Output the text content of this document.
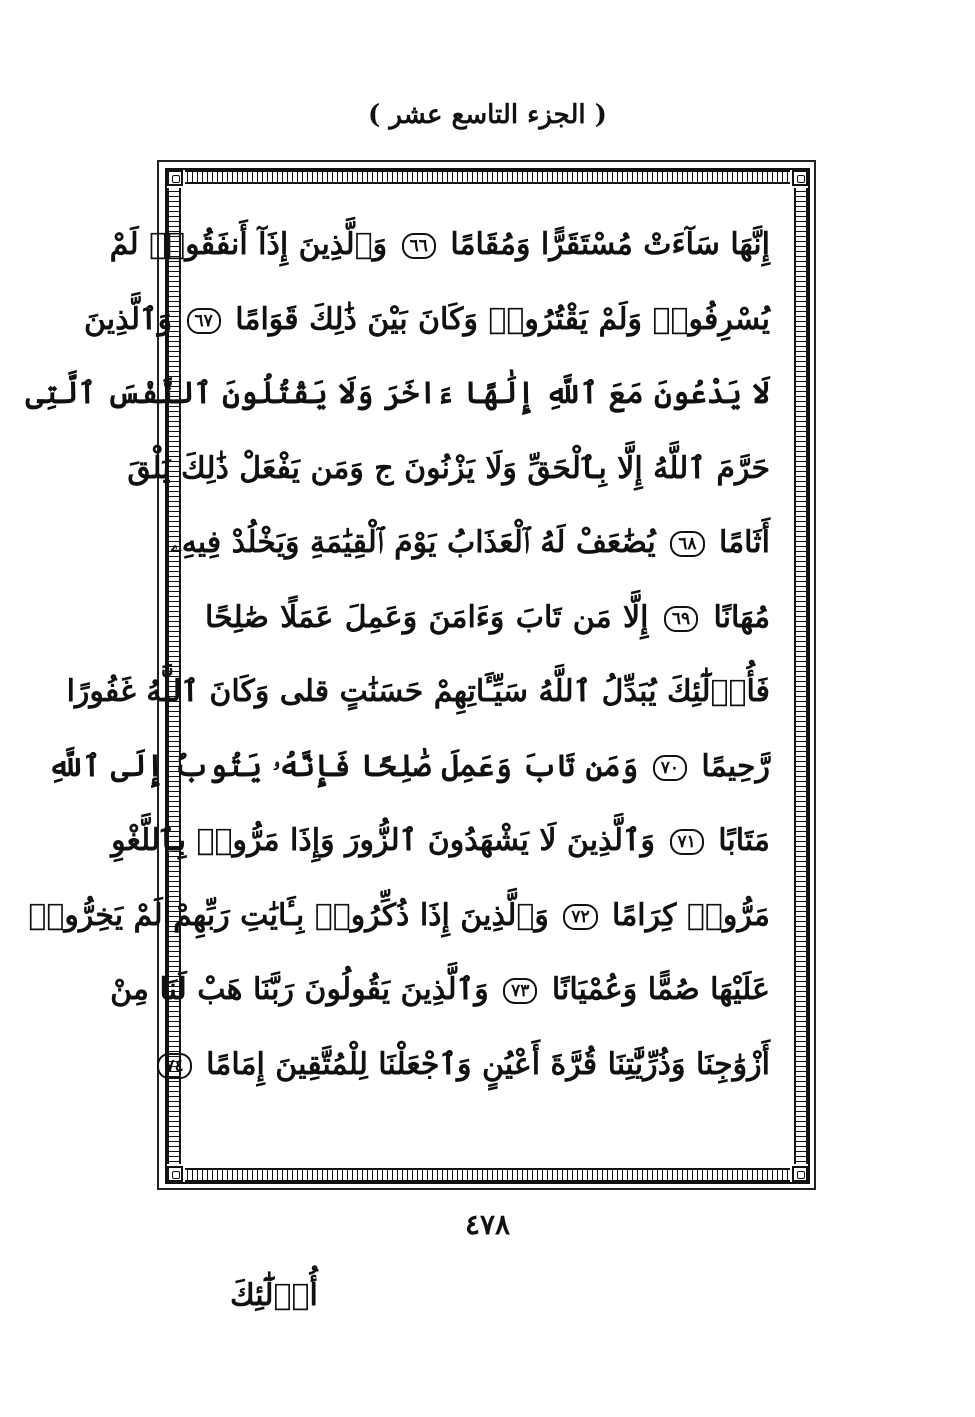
( الجزء التاسع عشر )
إِنَّهَا سَآءَتْ مُسْتَقَرًّا وَمُقَامًا ٦٦ وَٱلَّذِينَ إِذَآ أَنفَقُوا۟ لَمْ
يُسْرِفُوا۟ وَلَمْ يَقْتُرُوا۟ وَكَانَ بَيْنَ ذَٰلِكَ قَوَامًا ٦٧ وَٱلَّذِينَ
لَا يَدْعُونَ مَعَ ٱللَّهِ إِلَٰهًا ءَاخَرَ وَلَا يَقْتُلُونَ ٱلنَّفْسَ ٱلَّتِى
حَرَّمَ ٱللَّهُ إِلَّا بِٱلْحَقِّ وَلَا يَزْنُونَ ج وَمَن يَفْعَلْ ذَٰلِكَ يَلْقَ
أَثَامًا ٦٨ يُضَٰعَفْ لَهُ ٱلْعَذَابُ يَوْمَ ٱلْقِيَٰمَةِ وَيَخْلُدْ فِيهِۦ
مُهَانًا ٦٩ إِلَّا مَن تَابَ وَءَامَنَ وَعَمِلَ عَمَلًا صَٰلِحًا
فَأُو۟لَٰٓئِكَ يُبَدِّلُ ٱللَّهُ سَيِّـَٔاتِهِمْ حَسَنَٰتٍ قلى وَكَانَ ٱللَّهُ غَفُورًا
رَّحِيمًا ٧٠ وَمَن تَابَ وَعَمِلَ صَٰلِحًا فَإِنَّهُۥ يَتُوبُ إِلَى ٱللَّهِ
مَتَابًا ٧١ وَٱلَّذِينَ لَا يَشْهَدُونَ ٱلزُّورَ وَإِذَا مَرُّوا۟ بِٱللَّغْوِ
مَرُّوا۟ كِرَامًا ٧٢ وَٱلَّذِينَ إِذَا ذُكِّرُوا۟ بِـَٔايَٰتِ رَبِّهِمْ لَمْ يَخِرُّوا۟
عَلَيْهَا صُمًّا وَعُمْيَانًا ٧٣ وَٱلَّذِينَ يَقُولُونَ رَبَّنَا هَبْ لَنَا مِنْ
أَزْوَٰجِنَا وَذُرِّيَّٰتِنَا قُرَّةَ أَعْيُنٍ وَٱجْعَلْنَا لِلْمُتَّقِينَ إِمَامًا ٧٤
٤٧٨
أُو۟لَٰٓئِكَ
